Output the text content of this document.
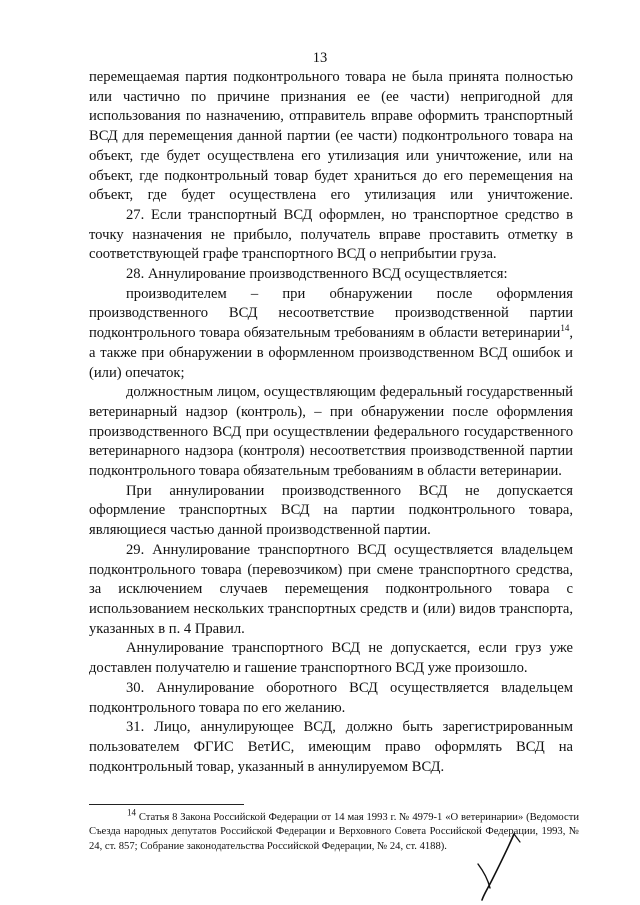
13

перемещаемая партия подконтрольного товара не была принята полностью или частично по причине признания ее (ее части) непригодной для использования по назначению, отправитель вправе оформить транспортный ВСД для перемещения данной партии (ее части) подконтрольного товара на объект, где будет осуществлена его утилизация или уничтожение, или на объект, где подконтрольный товар будет храниться до его перемещения на объект, где будет осуществлена его утилизация или уничтожение.

27. Если транспортный ВСД оформлен, но транспортное средство в точку назначения не прибыло, получатель вправе проставить отметку в соответствующей графе транспортного ВСД о неприбытии груза.

28. Аннулирование производственного ВСД осуществляется:

производителем – при обнаружении после оформления производственного ВСД несоответствие производственной партии подконтрольного товара обязательным требованиям в области ветеринарии$^{14}$, а также при обнаружении в оформленном производственном ВСД ошибок и (или) опечаток;

должностным лицом, осуществляющим федеральный государственный ветеринарный надзор (контроль), – при обнаружении после оформления производственного ВСД при осуществлении федерального государственного ветеринарного надзора (контроля) несоответствия производственной партии подконтрольного товара обязательным требованиям в области ветеринарии.

При аннулировании производственного ВСД не допускается оформление транспортных ВСД на партии подконтрольного товара, являющиеся частью данной производственной партии.

29. Аннулирование транспортного ВСД осуществляется владельцем подконтрольного товара (перевозчиком) при смене транспортного средства, за исключением случаев перемещения подконтрольного товара с использованием нескольких транспортных средств и (или) видов транспорта, указанных в п. 4 Правил.

Аннулирование транспортного ВСД не допускается, если груз уже доставлен получателю и гашение транспортного ВСД уже произошло.

30. Аннулирование оборотного ВСД осуществляется владельцем подконтрольного товара по его желанию.

31. Лицо, аннулирующее ВСД, должно быть зарегистрированным пользователем ФГИС ВетИС, имеющим право оформлять ВСД на подконтрольный товар, указанный в аннулируемом ВСД.

$^{14}$ Статья 8 Закона Российской Федерации от 14 мая 1993 г. № 4979-1 «О ветеринарии» (Ведомости Съезда народных депутатов Российской Федерации и Верховного Совета Российской Федерации, 1993, № 24, ст. 857; Собрание законодательства Российской Федерации, № 24, ст. 4188).
